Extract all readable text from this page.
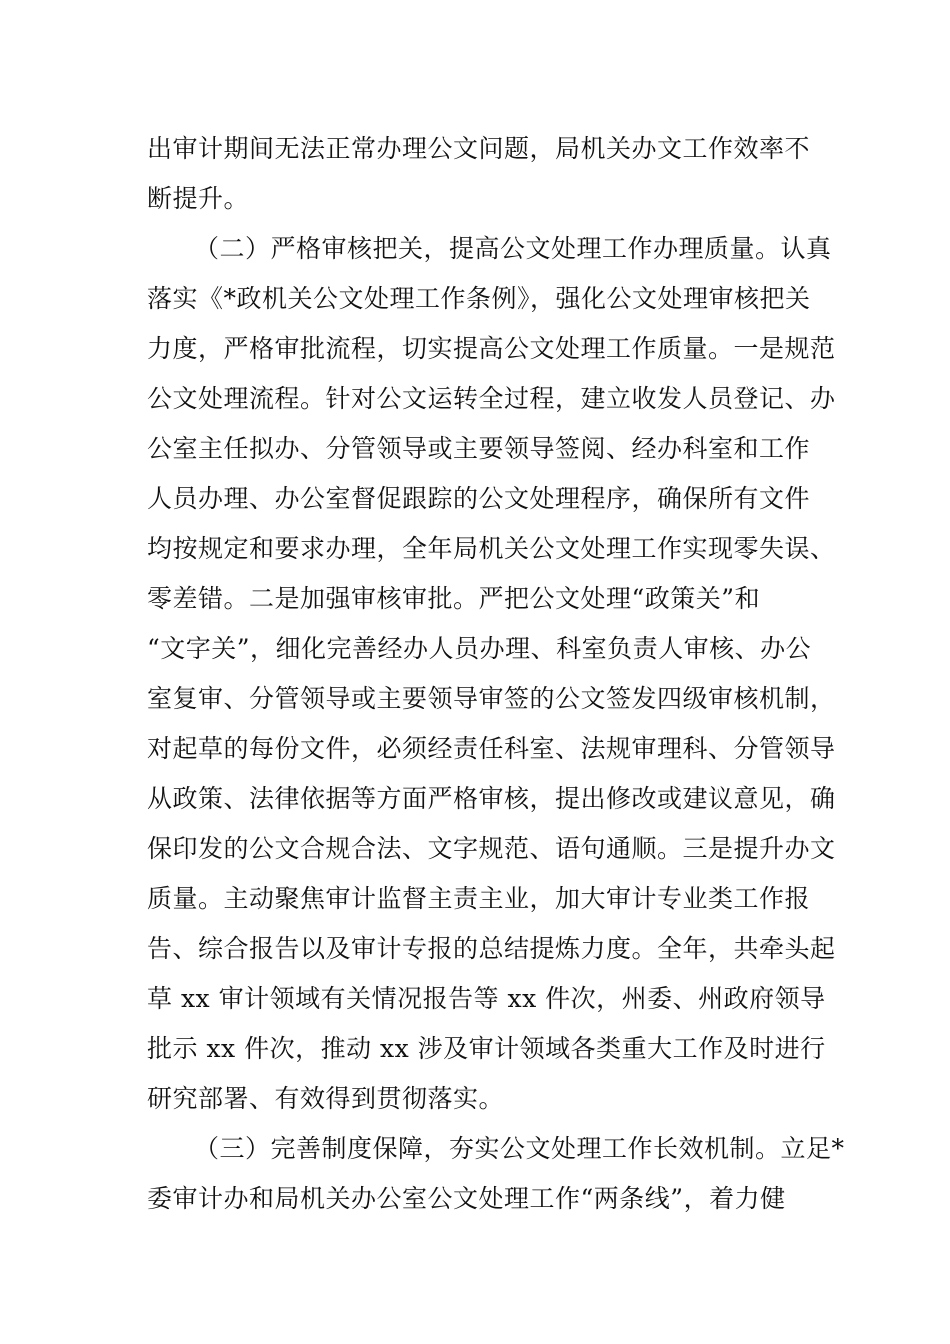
出审计期间无法正常办理公文问题，局机关办文工作效率不
断提升。
（二）严格审核把关，提高公文处理工作办理质量。认真
落实《*政机关公文处理工作条例》，强化公文处理审核把关
力度，严格审批流程，切实提高公文处理工作质量。一是规范
公文处理流程。针对公文运转全过程，建立收发人员登记、办
公室主任拟办、分管领导或主要领导签阅、经办科室和工作
人员办理、办公室督促跟踪的公文处理程序，确保所有文件
均按规定和要求办理，全年局机关公文处理工作实现零失误、
零差错。二是加强审核审批。严把公文处理“政策关”和
“文字关”，细化完善经办人员办理、科室负责人审核、办公
室复审、分管领导或主要领导审签的公文签发四级审核机制，
对起草的每份文件，必须经责任科室、法规审理科、分管领导
从政策、法律依据等方面严格审核，提出修改或建议意见，确
保印发的公文合规合法、文字规范、语句通顺。三是提升办文
质量。主动聚焦审计监督主责主业，加大审计专业类工作报
告、综合报告以及审计专报的总结提炼力度。全年，共牵头起
草 xx 审计领域有关情况报告等 xx 件次，州委、州政府领导
批示 xx 件次，推动 xx 涉及审计领域各类重大工作及时进行
研究部署、有效得到贯彻落实。
（三）完善制度保障，夯实公文处理工作长效机制。立足*
委审计办和局机关办公室公文处理工作“两条线”，着力健
